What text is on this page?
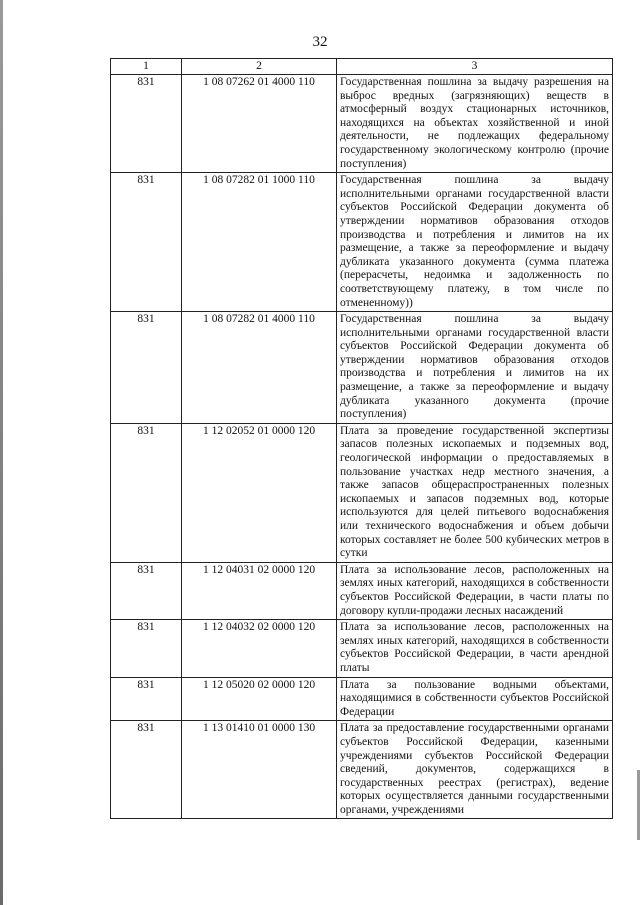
32
1	2	3
831	1 08 07262 01 4000 110	Государственная пошлина за выдачу разрешения на выброс вредных (загрязняющих) веществ в атмосферный воздух стационарных источников, находящихся на объектах хозяйственной и иной деятельности, не подлежащих федеральному государственному экологическому контролю (прочие поступления)
831	1 08 07282 01 1000 110	Государственная пошлина за выдачу исполнительными органами государственной власти субъектов Российской Федерации документа об утверждении нормативов образования отходов производства и потребления и лимитов на их размещение, а также за переоформление и выдачу дубликата указанного документа (сумма платежа (перерасчеты, недоимка и задолженность по соответствующему платежу, в том числе по отмененному))
831	1 08 07282 01 4000 110	Государственная пошлина за выдачу исполнительными органами государственной власти субъектов Российской Федерации документа об утверждении нормативов образования отходов производства и потребления и лимитов на их размещение, а также за переоформление и выдачу дубликата указанного документа (прочие поступления)
831	1 12 02052 01 0000 120	Плата за проведение государственной экспертизы запасов полезных ископаемых и подземных вод, геологической информации о предоставляемых в пользование участках недр местного значения, а также запасов общераспространенных полезных ископаемых и запасов подземных вод, которые используются для целей питьевого водоснабжения или технического водоснабжения и объем добычи которых составляет не более 500 кубических метров в сутки
831	1 12 04031 02 0000 120	Плата за использование лесов, расположенных на землях иных категорий, находящихся в собственности субъектов Российской Федерации, в части платы по договору купли-продажи лесных насаждений
831	1 12 04032 02 0000 120	Плата за использование лесов, расположенных на землях иных категорий, находящихся в собственности субъектов Российской Федерации, в части арендной платы
831	1 12 05020 02 0000 120	Плата за пользование водными объектами, находящимися в собственности субъектов Российской Федерации
831	1 13 01410 01 0000 130	Плата за предоставление государственными органами субъектов Российской Федерации, казенными учреждениями субъектов Российской Федерации сведений, документов, содержащихся в государственных реестрах (регистрах), ведение которых осуществляется данными государственными органами, учреждениями
